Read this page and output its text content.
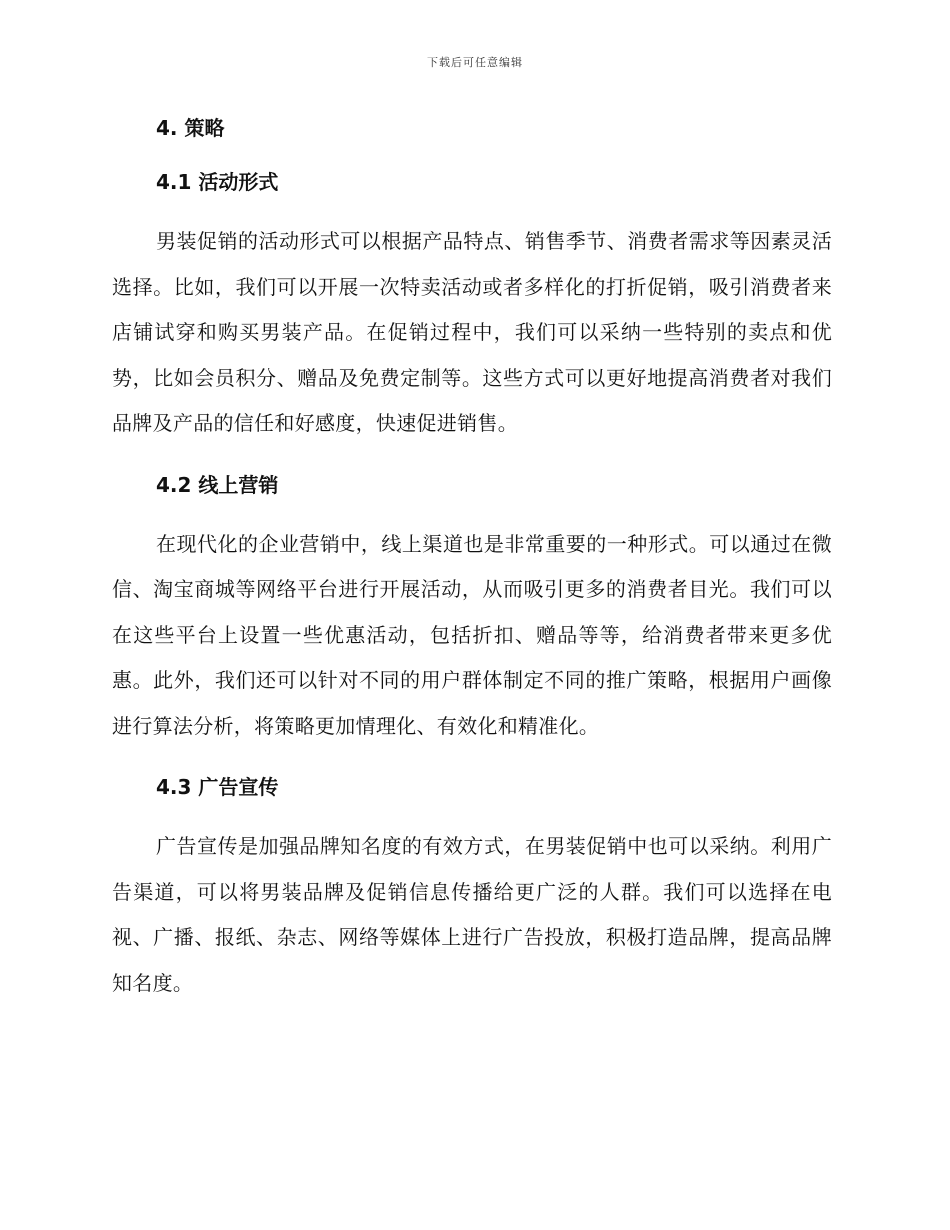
下载后可任意编辑
4. 策略
4.1 活动形式

男装促销的活动形式可以根据产品特点、销售季节、消费者需求等因素灵活选择。比如，我们可以开展一次特卖活动或者多样化的打折促销，吸引消费者来店铺试穿和购买男装产品。在促销过程中，我们可以采纳一些特别的卖点和优势，比如会员积分、赠品及免费定制等。这些方式可以更好地提高消费者对我们品牌及产品的信任和好感度，快速促进销售。

4.2 线上营销

在现代化的企业营销中，线上渠道也是非常重要的一种形式。可以通过在微信、淘宝商城等网络平台进行开展活动，从而吸引更多的消费者目光。我们可以在这些平台上设置一些优惠活动，包括折扣、赠品等等，给消费者带来更多优惠。此外，我们还可以针对不同的用户群体制定不同的推广策略，根据用户画像进行算法分析，将策略更加情理化、有效化和精准化。

4.3 广告宣传

广告宣传是加强品牌知名度的有效方式，在男装促销中也可以采纳。利用广告渠道，可以将男装品牌及促销信息传播给更广泛的人群。我们可以选择在电视、广播、报纸、杂志、网络等媒体上进行广告投放，积极打造品牌，提高品牌知名度。
